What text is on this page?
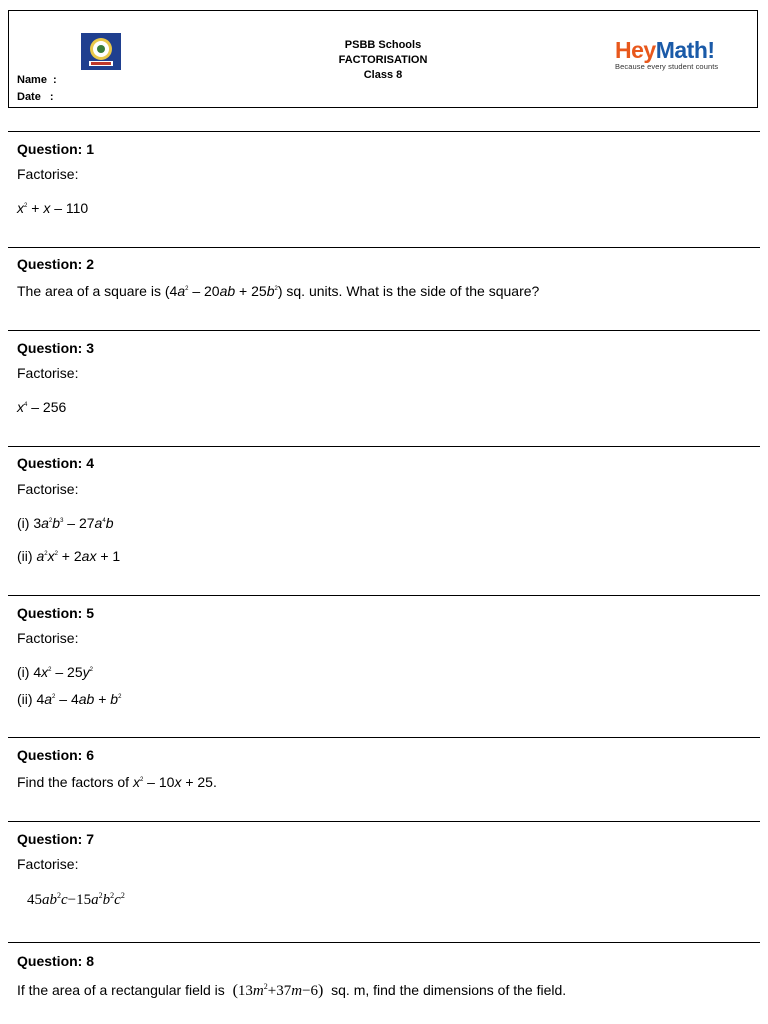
Name :
Date :
PSBB Schools
FACTORISATION
Class 8
HeyMath!
Because every student counts
Question: 1
Factorise:
$x^2 + x - 110$
Question: 2
The area of a square is $(4a^2 - 20ab + 25b^2)$ sq. units. What is the side of the square?
Question: 3
Factorise:
$x^4 - 256$
Question: 4
Factorise:
(i) $3a^2b^3 - 27a^4b$
(ii) $a^2x^2 + 2ax + 1$
Question: 5
Factorise:
(i) $4x^2 - 25y^2$
(ii) $4a^2 - 4ab + b^2$
Question: 6
Find the factors of $x^2 - 10x + 25$.
Question: 7
Factorise:
$45ab^2c-15a^2b^2c^2$
Question: 8
If the area of a rectangular field is $(13m^2+37m-6)$ sq. m, find the dimensions of the field.
